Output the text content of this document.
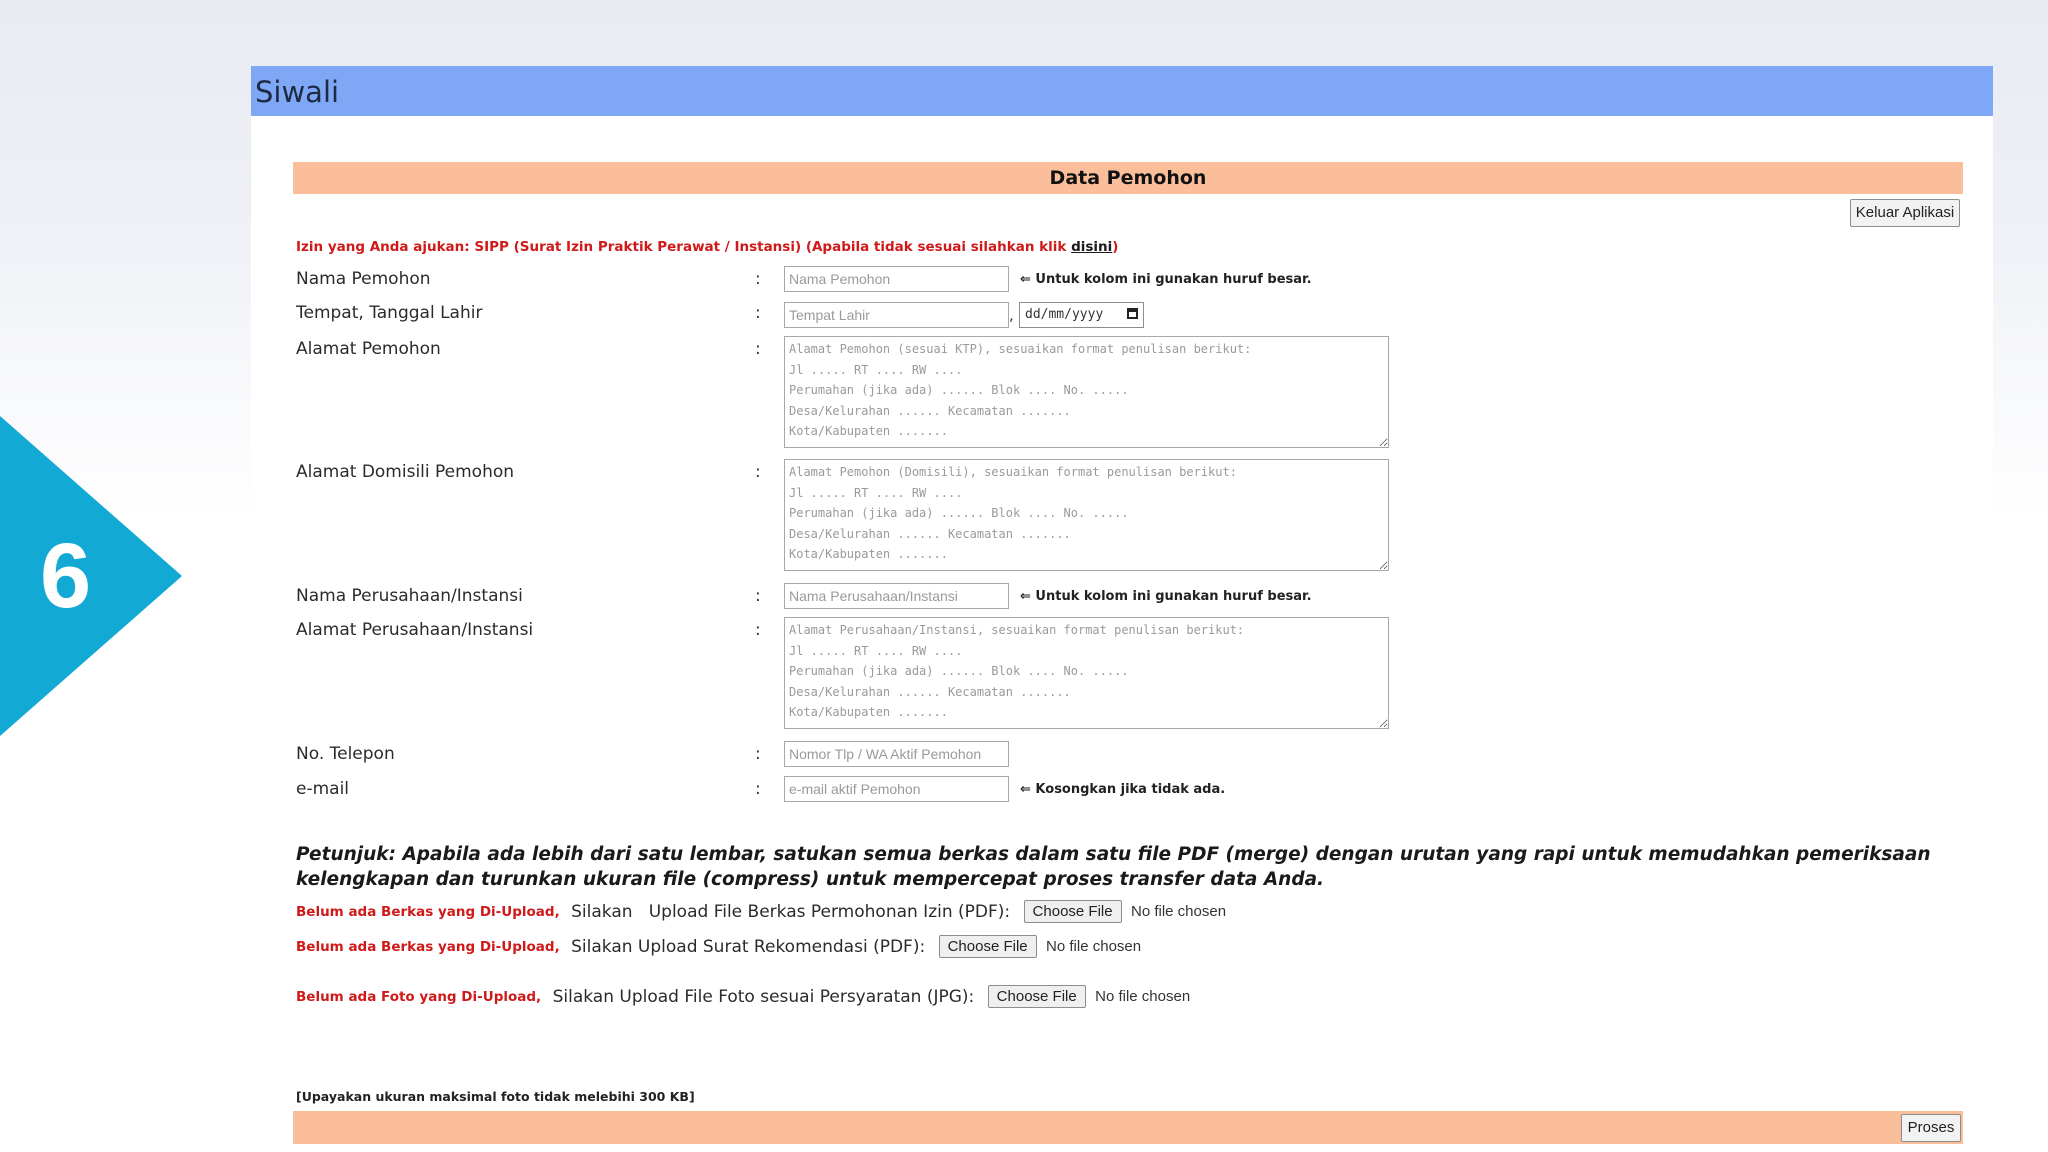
6
Siwali
Data Pemohon
Keluar Aplikasi
Izin yang Anda ajukan: SIPP (Surat Izin Praktik Perawat / Instansi) (Apabila tidak sesuai silahkan klik disini)
Nama Pemohon	:
Nama Pemohon	⇐ Untuk kolom ini gunakan huruf besar.
Tempat, Tanggal Lahir	:
Tempat Lahir	, dd/mm/yyyy
Alamat Pemohon	:
Alamat Pemohon (sesuai KTP), sesuaikan format penulisan berikut: Jl ..... RT .... RW .... Perumahan (jika ada) ...... Blok .... No. ..... Desa/Kelurahan ...... Kecamatan ....... Kota/Kabupaten .......
Alamat Domisili Pemohon	:
Alamat Pemohon (Domisili), sesuaikan format penulisan berikut: Jl ..... RT .... RW .... Perumahan (jika ada) ...... Blok .... No. ..... Desa/Kelurahan ...... Kecamatan ....... Kota/Kabupaten .......
Nama Perusahaan/Instansi	:
Nama Perusahaan/Instansi	⇐ Untuk kolom ini gunakan huruf besar.
Alamat Perusahaan/Instansi	:
Alamat Perusahaan/Instansi, sesuaikan format penulisan berikut: Jl ..... RT .... RW .... Perumahan (jika ada) ...... Blok .... No. ..... Desa/Kelurahan ...... Kecamatan ....... Kota/Kabupaten .......
No. Telepon	:
Nomor Tlp / WA Aktif Pemohon
e-mail	:
e-mail aktif Pemohon	⇐ Kosongkan jika tidak ada.
Petunjuk: Apabila ada lebih dari satu lembar, satukan semua berkas dalam satu file PDF (merge) dengan urutan yang rapi untuk memudahkan pemeriksaan kelengkapan dan turunkan ukuran file (compress) untuk mempercepat proses transfer data Anda.
Belum ada Berkas yang Di-Upload, Silakan   Upload File Berkas Permohonan Izin (PDF): Choose File No file chosen
Belum ada Berkas yang Di-Upload, Silakan Upload Surat Rekomendasi (PDF): Choose File No file chosen
Belum ada Foto yang Di-Upload, Silakan Upload File Foto sesuai Persyaratan (JPG): Choose File No file chosen
[Upayakan ukuran maksimal foto tidak melebihi 300 KB]
Proses
